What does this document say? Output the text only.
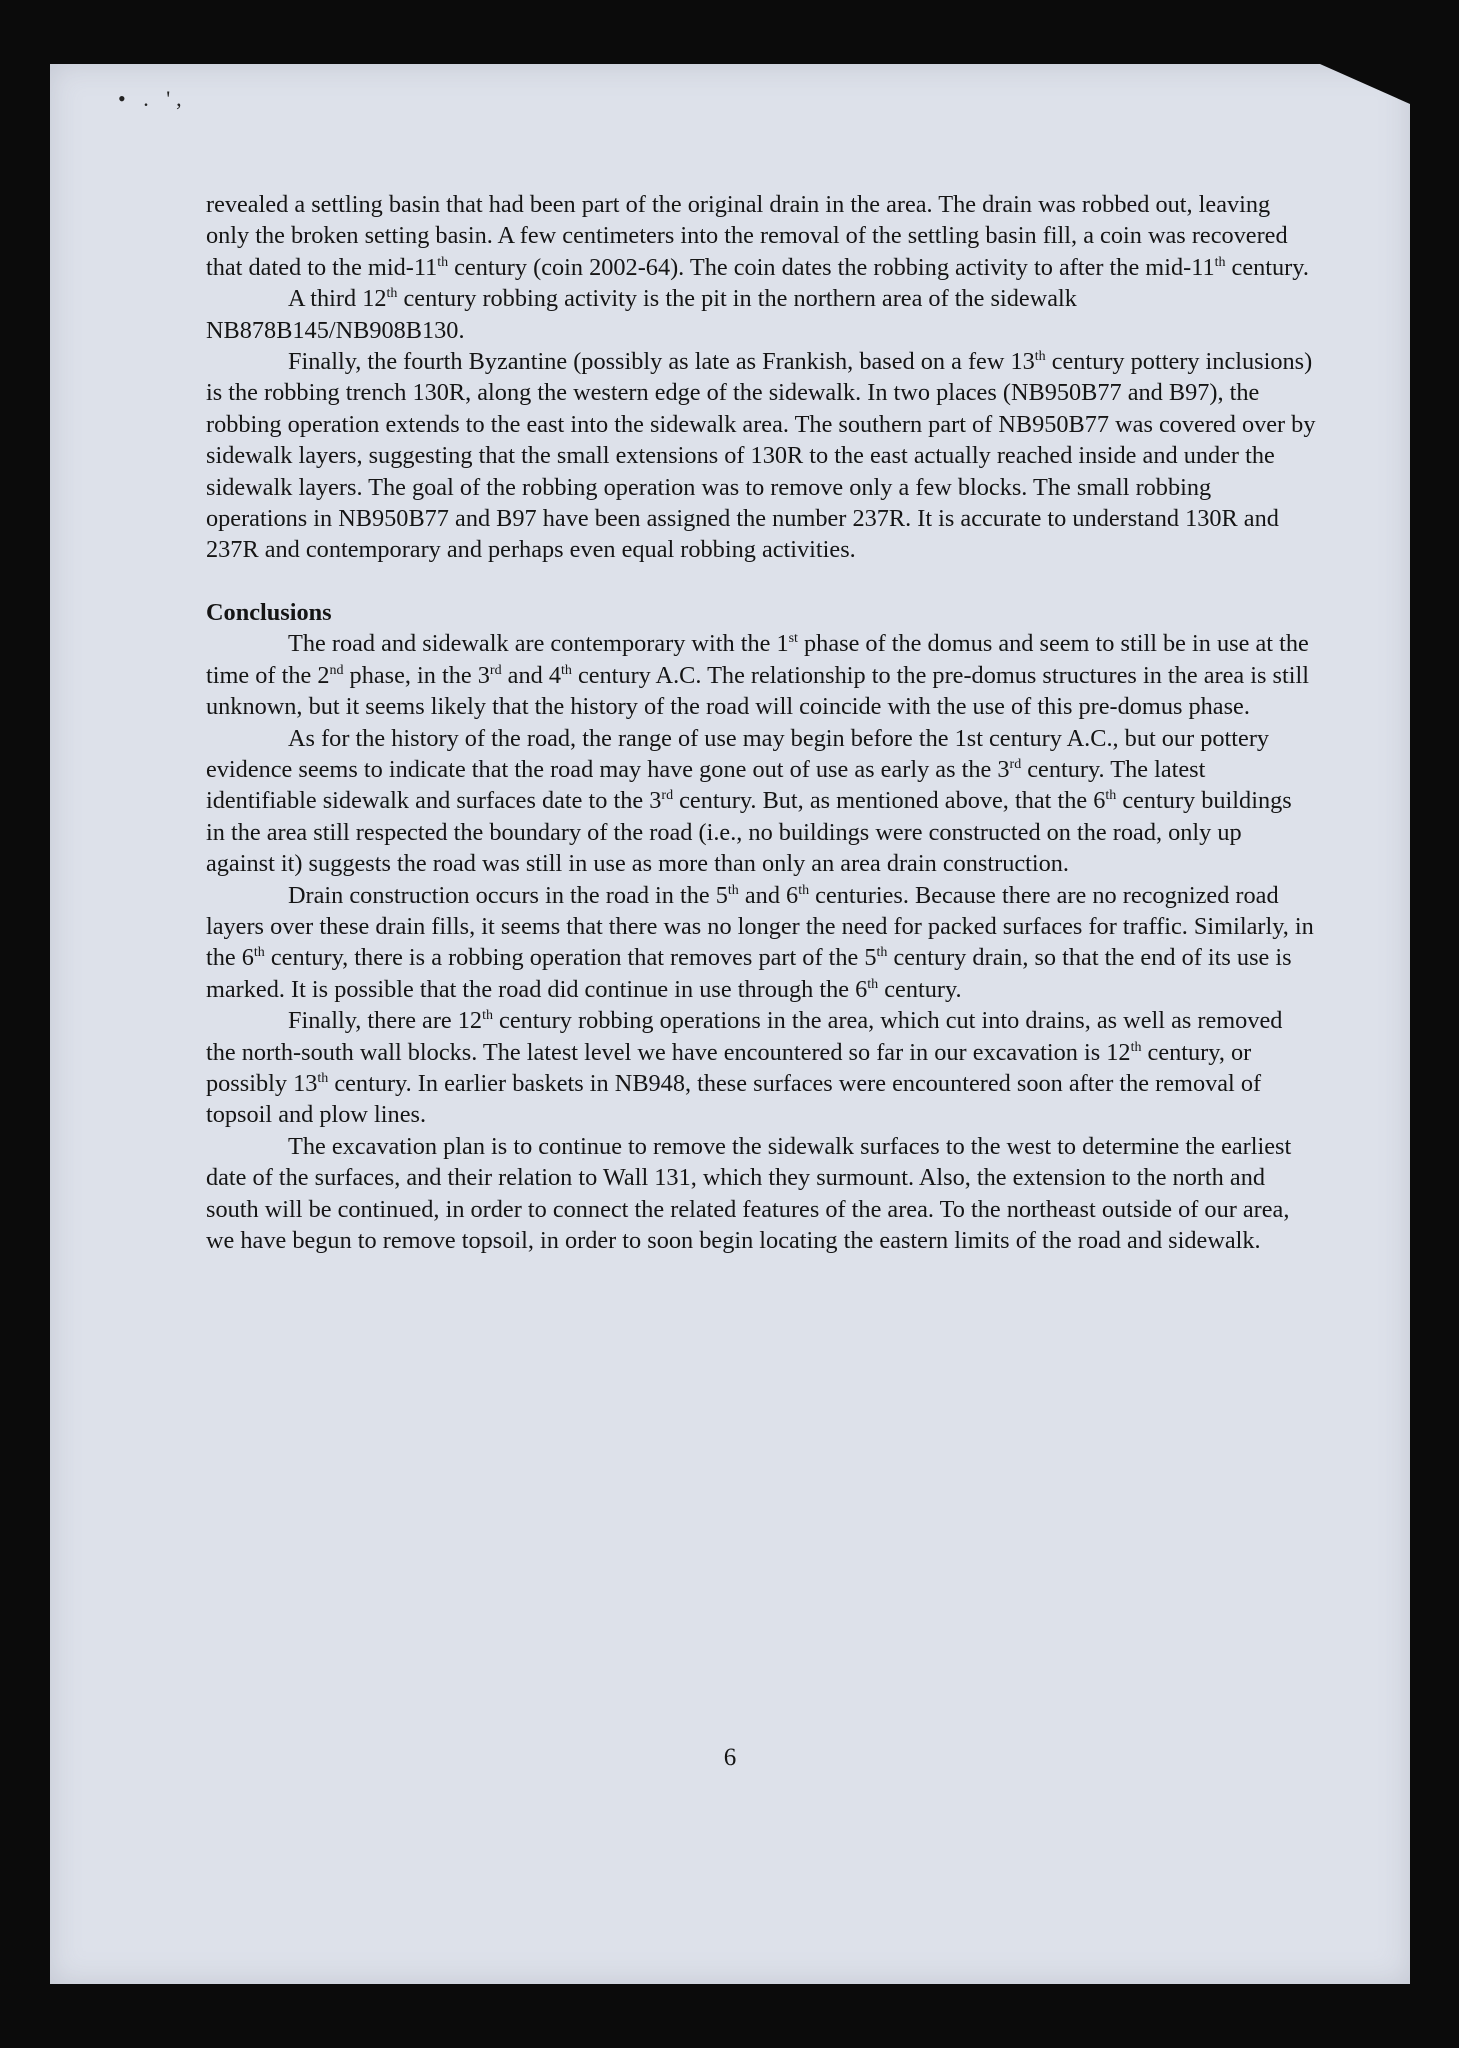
• . ',

revealed a settling basin that had been part of the original drain in the area. The drain was robbed out, leaving only the broken setting basin. A few centimeters into the removal of the settling basin fill, a coin was recovered that dated to the mid-11th century (coin 2002-64). The coin dates the robbing activity to after the mid-11th century.

A third 12th century robbing activity is the pit in the northern area of the sidewalk NB878B145/NB908B130.

Finally, the fourth Byzantine (possibly as late as Frankish, based on a few 13th century pottery inclusions) is the robbing trench 130R, along the western edge of the sidewalk. In two places (NB950B77 and B97), the robbing operation extends to the east into the sidewalk area. The southern part of NB950B77 was covered over by sidewalk layers, suggesting that the small extensions of 130R to the east actually reached inside and under the sidewalk layers. The goal of the robbing operation was to remove only a few blocks. The small robbing operations in NB950B77 and B97 have been assigned the number 237R. It is accurate to understand 130R and 237R and contemporary and perhaps even equal robbing activities.

Conclusions

The road and sidewalk are contemporary with the 1st phase of the domus and seem to still be in use at the time of the 2nd phase, in the 3rd and 4th century A.C. The relationship to the pre-domus structures in the area is still unknown, but it seems likely that the history of the road will coincide with the use of this pre-domus phase.

As for the history of the road, the range of use may begin before the 1st century A.C., but our pottery evidence seems to indicate that the road may have gone out of use as early as the 3rd century. The latest identifiable sidewalk and surfaces date to the 3rd century. But, as mentioned above, that the 6th century buildings in the area still respected the boundary of the road (i.e., no buildings were constructed on the road, only up against it) suggests the road was still in use as more than only an area drain construction.

Drain construction occurs in the road in the 5th and 6th centuries. Because there are no recognized road layers over these drain fills, it seems that there was no longer the need for packed surfaces for traffic. Similarly, in the 6th century, there is a robbing operation that removes part of the 5th century drain, so that the end of its use is marked. It is possible that the road did continue in use through the 6th century.

Finally, there are 12th century robbing operations in the area, which cut into drains, as well as removed the north-south wall blocks. The latest level we have encountered so far in our excavation is 12th century, or possibly 13th century. In earlier baskets in NB948, these surfaces were encountered soon after the removal of topsoil and plow lines.

The excavation plan is to continue to remove the sidewalk surfaces to the west to determine the earliest date of the surfaces, and their relation to Wall 131, which they surmount. Also, the extension to the north and south will be continued, in order to connect the related features of the area. To the northeast outside of our area, we have begun to remove topsoil, in order to soon begin locating the eastern limits of the road and sidewalk.

6
